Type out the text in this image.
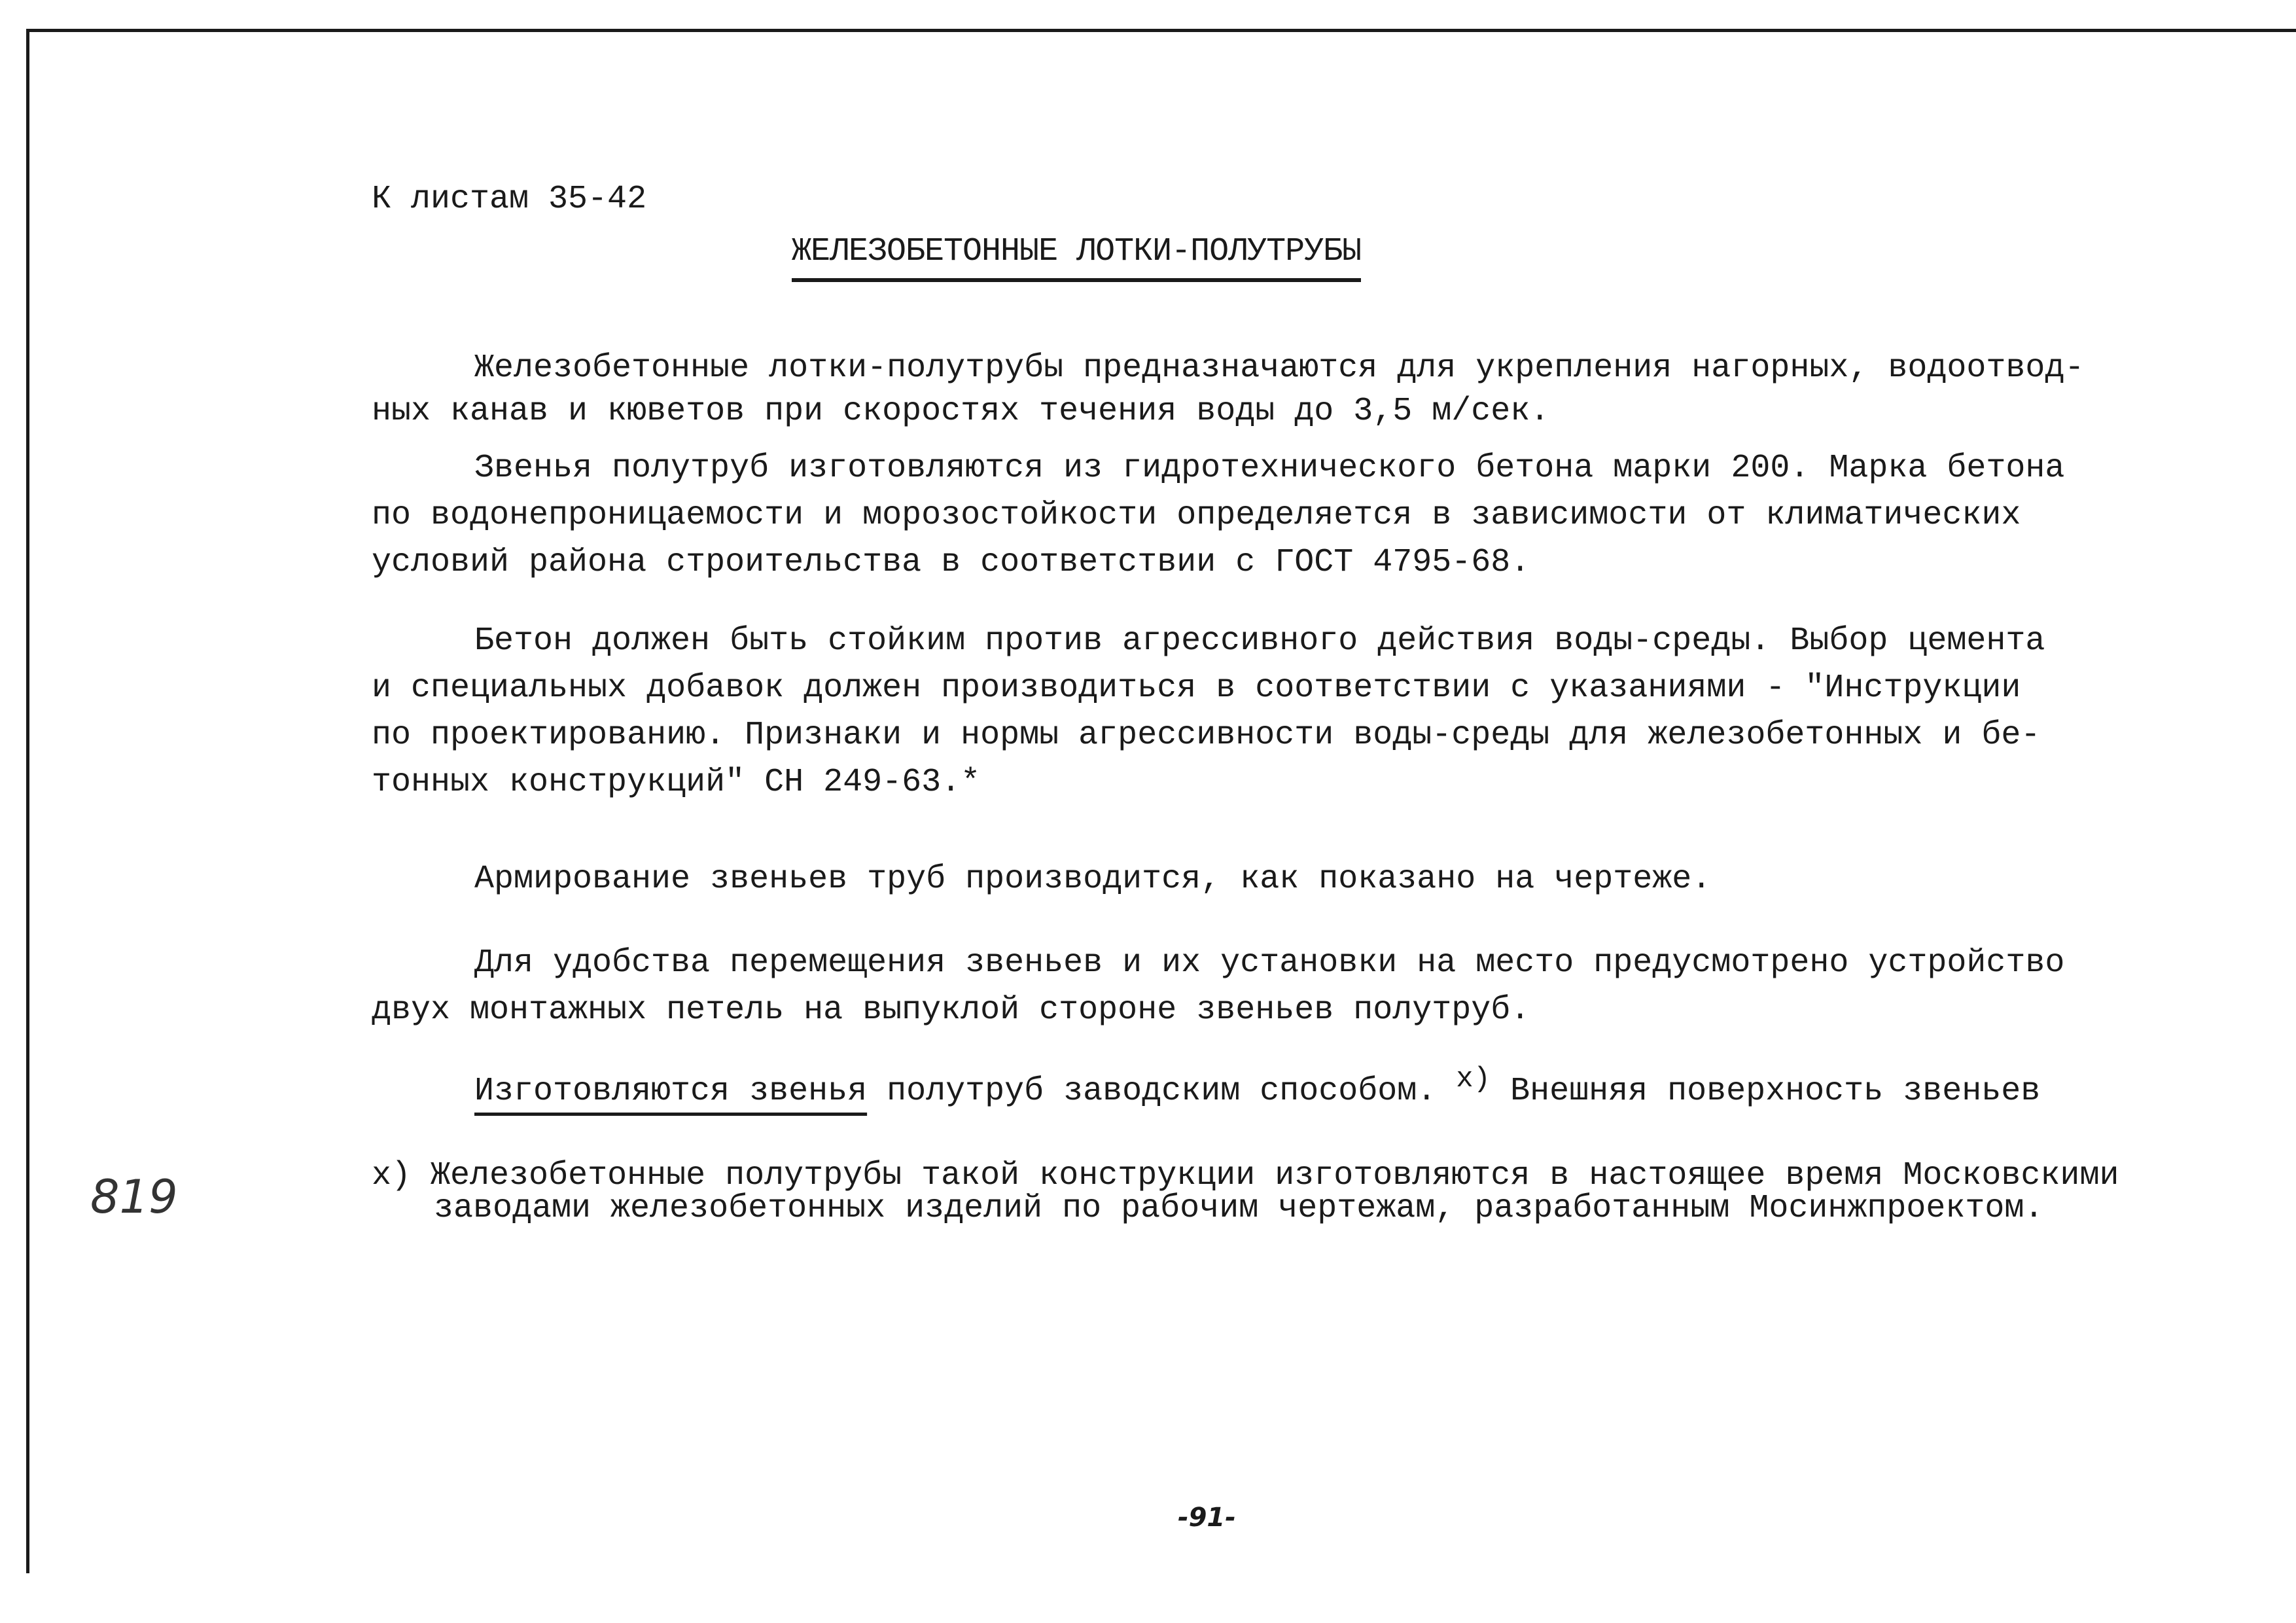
К листам 35-42
ЖЕЛЕЗОБЕТОННЫЕ ЛОТКИ-ПОЛУТРУБЫ
Железобетонные лотки-полутрубы предназначаются для укрепления нагорных, водоотвод-
ных канав и кюветов при скоростях течения воды до 3,5 м/сек.
Звенья полутруб изготовляются из гидротехнического бетона марки 200. Марка бетона
по водонепроницаемости и морозостойкости определяется в зависимости от климатических
условий района строительства в соответствии с ГОСТ 4795-68.
Бетон должен быть стойким против агрессивного действия воды-среды. Выбор цемента
и специальных добавок должен производиться в соответствии с указаниями - "Инструкции
по проектированию. Признаки и нормы агрессивности воды-среды для железобетонных и бе-
тонных конструкций" СН 249-63.*
Армирование звеньев труб производится, как показано на чертеже.
Для удобства перемещения звеньев и их установки на место предусмотрено устройство
двух монтажных петель на выпуклой стороне звеньев полутруб.
Изготовляются звенья полутруб заводским способом. х) Внешняя поверхность звеньев
х) Железобетонные полутрубы такой конструкции изготовляются в настоящее время Московскими
заводами железобетонных изделий по рабочим чертежам, разработанным Мосинжпроектом.
819
-91-
